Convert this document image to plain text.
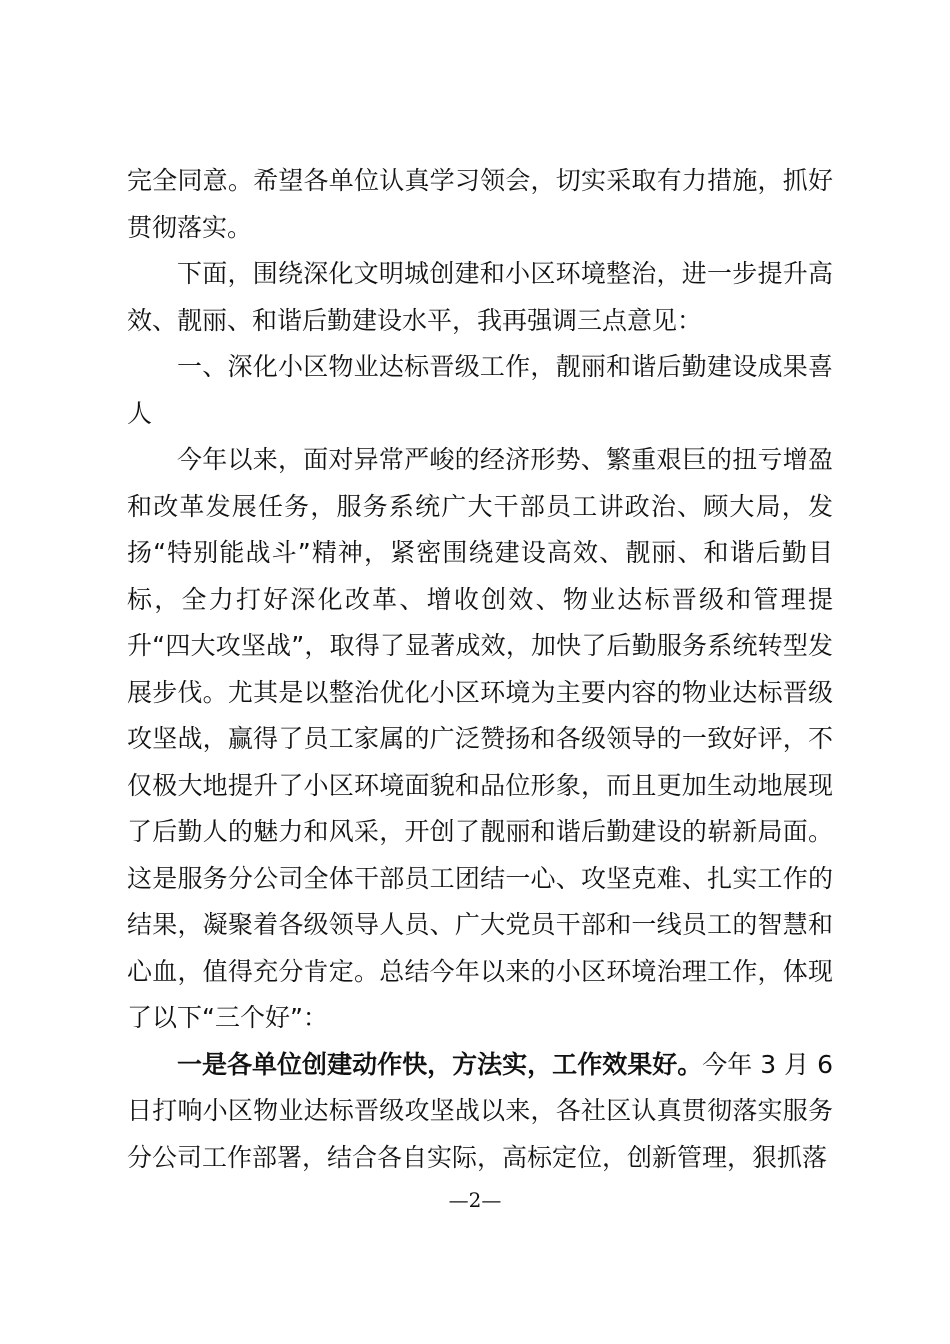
完全同意。希望各单位认真学习领会，切实采取有力措施，抓好贯彻落实。

下面，围绕深化文明城创建和小区环境整治，进一步提升高效、靓丽、和谐后勤建设水平，我再强调三点意见：

一、深化小区物业达标晋级工作，靓丽和谐后勤建设成果喜人

今年以来，面对异常严峻的经济形势、繁重艰巨的扭亏增盈和改革发展任务，服务系统广大干部员工讲政治、顾大局，发扬“特别能战斗”精神，紧密围绕建设高效、靓丽、和谐后勤目标，全力打好深化改革、增收创效、物业达标晋级和管理提升“四大攻坚战”，取得了显著成效，加快了后勤服务系统转型发展步伐。尤其是以整治优化小区环境为主要内容的物业达标晋级攻坚战，赢得了员工家属的广泛赞扬和各级领导的一致好评，不仅极大地提升了小区环境面貌和品位形象，而且更加生动地展现了后勤人的魅力和风采，开创了靓丽和谐后勤建设的崭新局面。这是服务分公司全体干部员工团结一心、攻坚克难、扎实工作的结果，凝聚着各级领导人员、广大党员干部和一线员工的智慧和心血，值得充分肯定。总结今年以来的小区环境治理工作，体现了以下“三个好”：

一是各单位创建动作快，方法实，工作效果好。今年 3 月 6 日打响小区物业达标晋级攻坚战以来，各社区认真贯彻落实服务分公司工作部署，结合各自实际，高标定位，创新管理，狠抓落

—2—
